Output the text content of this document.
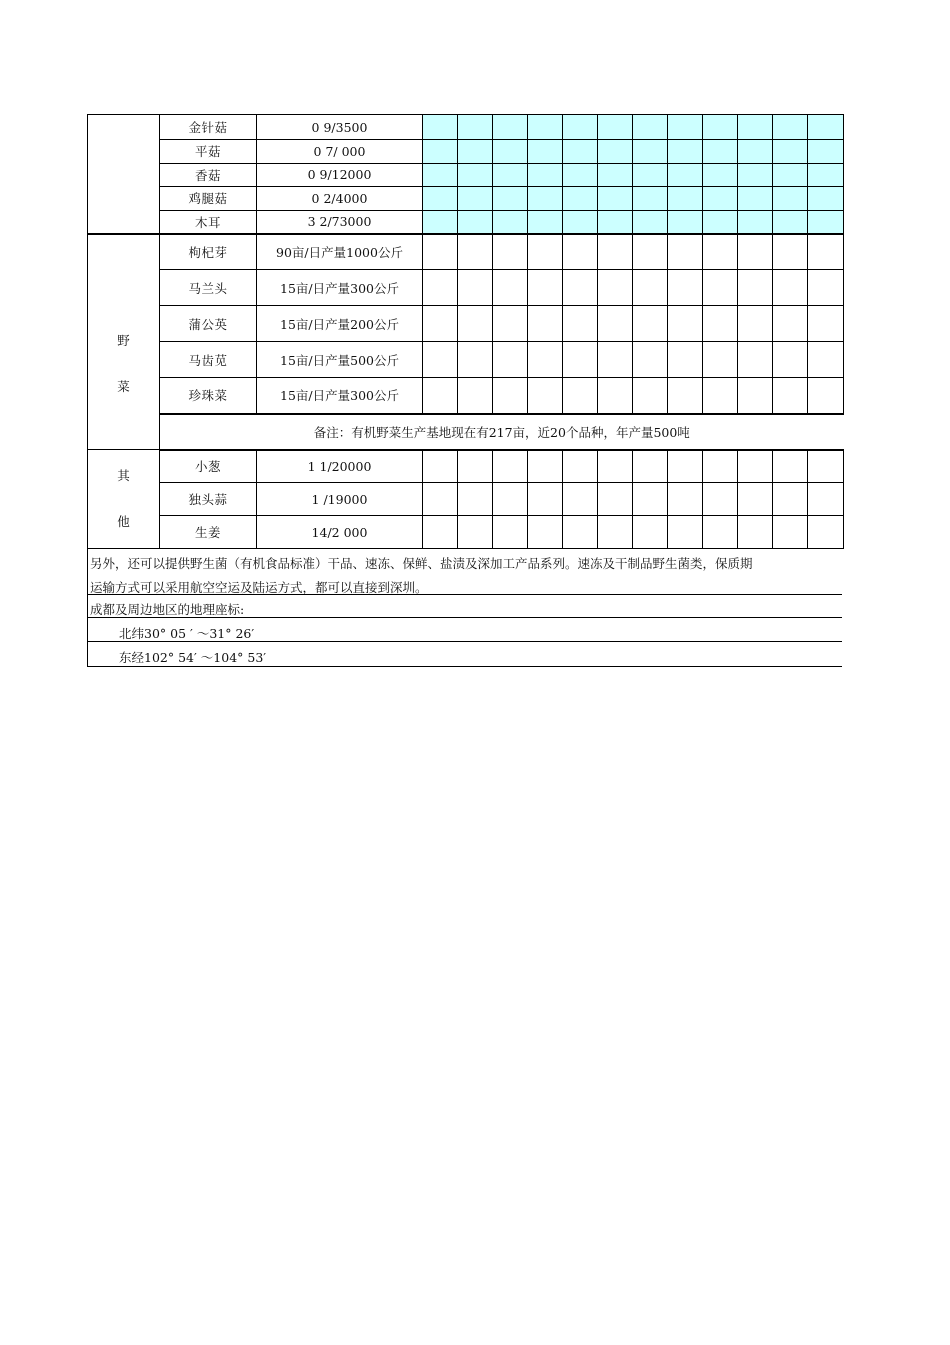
	金针菇	0 9/3500												
	平菇	0 7/ 000												
	香菇	0 9/12000												
	鸡腿菇	0 2/4000												
	木耳	3 2/73000												

野菜	枸杞芽	90亩/日产量1000公斤												
	马兰头	15亩/日产量300公斤												
	蒲公英	15亩/日产量200公斤												
	马齿苋	15亩/日产量500公斤												
	珍珠菜	15亩/日产量300公斤												
	备注：有机野菜生产基地现在有217亩，近20个品种，年产量500吨													

其他	小葱	1 1/20000												
	独头蒜	1 /19000												
	生姜	14/2 000												
另外，还可以提供野生菌（有机食品标准）干品、速冻、保鲜、盐渍及深加工产品系列。速冻及干制品野生菌类，保质期
运输方式可以采用航空空运及陆运方式，都可以直接到深圳。
成都及周边地区的地理座标:
北纬30° 05 ′ ～31° 26′
东经102° 54′ ～104° 53′
